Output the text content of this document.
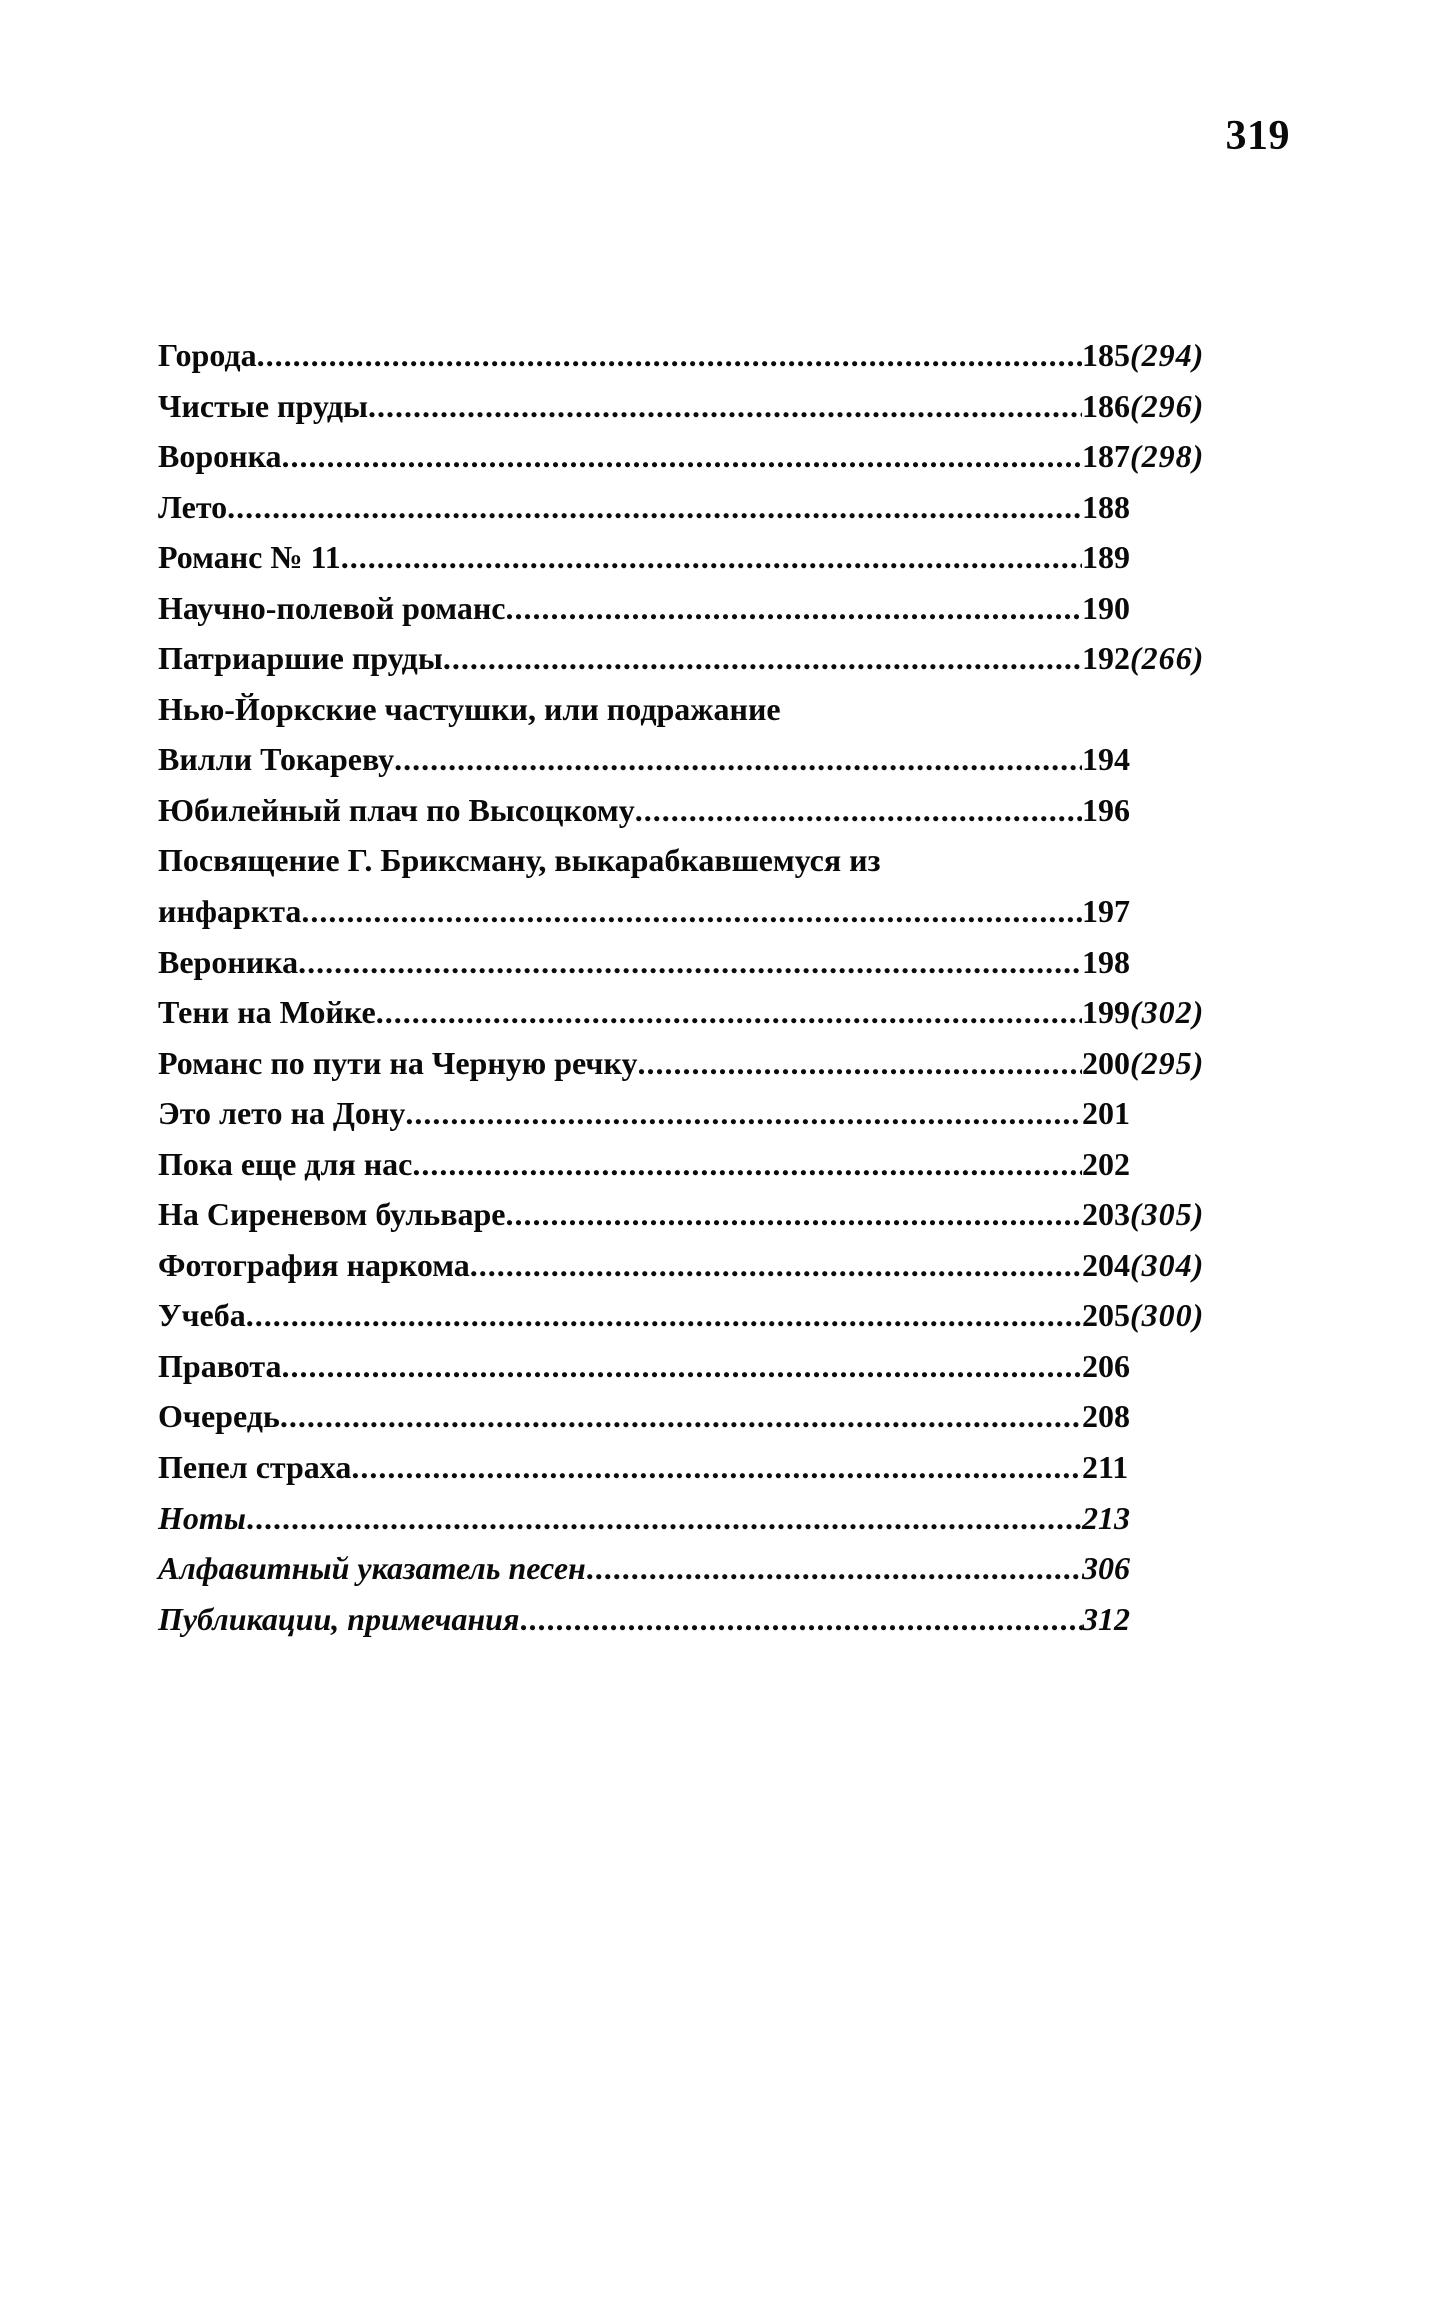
319
Города .....	185(294)
Чистые пруды .....	186(296)
Воронка .....	187(298)
Лето .....	188
Романс № 11 .....	189
Научно-полевой романс .....	190
Патриаршие пруды .....	192(266)
Нью-Йоркские частушки, или подражание
Вилли Токареву .....	194
Юбилейный плач по Высоцкому .....	196
Посвящение Г. Бриксману, выкарабкавшемуся из
инфаркта .....	197
Вероника .....	198
Тени на Мойке .....	199(302)
Романс по пути на Черную речку .....	200(295)
Это лето на Дону .....	201
Пока еще для нас .....	202
На Сиреневом бульваре .....	203(305)
Фотография наркома .....	204(304)
Учеба .....	205(300)
Правота .....	206
Очередь .....	208
Пепел страха .....	211
Ноты .....	213
Алфавитный указатель песен .....	306
Публикации, примечания .....	312
